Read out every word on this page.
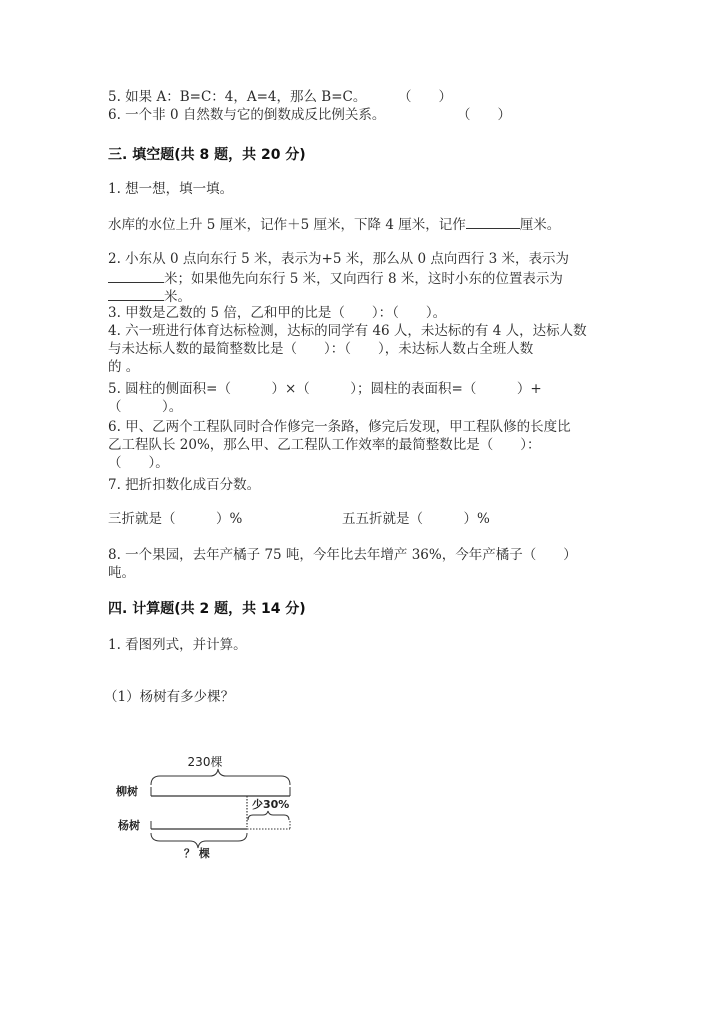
5. 如果 A：B=C：4，A=4，那么 B=C。 （　　）
6. 一个非 0 自然数与它的倒数成反比例关系。	（　　）
三. 填空题(共 8 题，共 20 分)
1. 想一想，填一填。
水库的水位上升 5 厘米，记作＋5 厘米，下降 4 厘米，记作	厘米。
2. 小东从 0 点向东行 5 米，表示为+5 米，那么从 0 点向西行 3 米，表示为
米；如果他先向东行 5 米，又向西行 8 米，这时小东的位置表示为
米。
3. 甲数是乙数的 5 倍，乙和甲的比是（　　）：（　　）。
4. 六一班进行体育达标检测，达标的同学有 46 人，未达标的有 4 人，达标人数
与未达标人数的最简整数比是（　　）：（　　），未达标人数占全班人数
的 。
5. 圆柱的侧面积=（　　　）×（　　　）；圆柱的表面积=（　　　）+
（　　　）。
6. 甲、乙两个工程队同时合作修完一条路，修完后发现，甲工程队修的长度比
乙工程队长 20%，那么甲、乙工程队工作效率的最简整数比是（　　）：
（　　）。
7. 把折扣数化成百分数。
三折就是（　　　）%	五五折就是（　　　）%
8. 一个果园，去年产橘子 75 吨，今年比去年增产 36%，今年产橘子（　　）
吨。
四. 计算题(共 2 题，共 14 分)
1. 看图列式，并计算。
（1）杨树有多少棵？
230棵
柳树
少30%
杨树
？ 棵
